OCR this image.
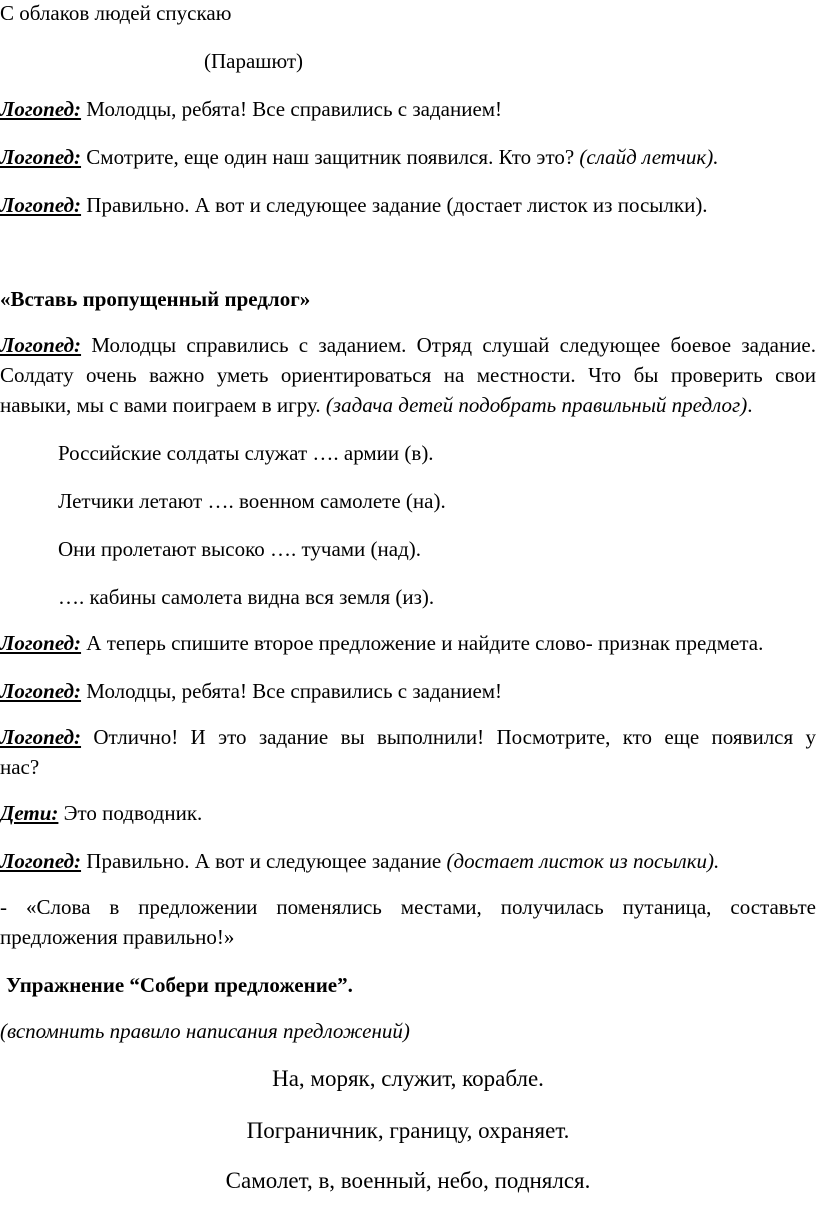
С облаков людей спускаю

(Парашют)

Логопед: Молодцы, ребята! Все справились с заданием!

Логопед: Смотрите, еще один наш защитник появился. Кто это? (слайд летчик).

Логопед: Правильно. А вот и следующее задание (достает листок из посылки).

«Вставь пропущенный предлог»

Логопед: Молодцы справились с заданием. Отряд слушай следующее боевое задание.

Солдату очень важно уметь ориентироваться на местности. Что бы проверить свои

навыки, мы с вами поиграем в игру. (задача детей подобрать правильный предлог).

Российские солдаты служат …. армии (в).

Летчики летают …. военном самолете (на).

Они пролетают высоко …. тучами (над).

…. кабины самолета видна вся земля (из).

Логопед: А теперь спишите второе предложение и найдите слово- признак предмета.

Логопед: Молодцы, ребята! Все справились с заданием!

Логопед: Отлично! И это задание вы выполнили! Посмотрите, кто еще появился у

нас?

Дети: Это подводник.

Логопед: Правильно. А вот и следующее задание (достает листок из посылки).

- «Слова в предложении поменялись местами, получилась путаница, составьте

предложения правильно!»

Упражнение “Собери предложение”.

(вспомнить правило написания предложений)

На, моряк, служит, корабле.

Пограничник, границу, охраняет.

Самолет, в, военный, небо, поднялся.
